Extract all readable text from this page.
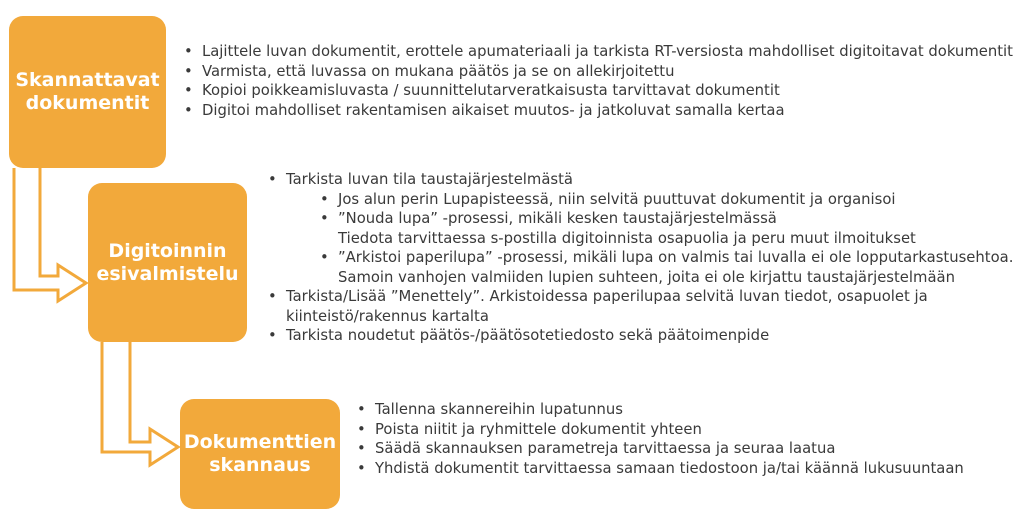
Skannattavat
dokumentit
• Lajittele luvan dokumentit, erottele apumateriaali ja tarkista RT-versiosta mahdolliset digitoitavat dokumentit
• Varmista, että luvassa on mukana päätös ja se on allekirjoitettu
• Kopioi poikkeamisluvasta / suunnittelutarveratkaisusta tarvittavat dokumentit
• Digitoi mahdolliset rakentamisen aikaiset muutos- ja jatkoluvat samalla kertaa
Digitoinnin
esivalmistelu
• Tarkista luvan tila taustajärjestelmästä
• Jos alun perin Lupapisteessä, niin selvitä puuttuvat dokumentit ja organisoi
• ”Nouda lupa” -prosessi, mikäli kesken taustajärjestelmässä
Tiedota tarvittaessa s-postilla digitoinnista osapuolia ja peru muut ilmoitukset
• ”Arkistoi paperilupa” -prosessi, mikäli lupa on valmis tai luvalla ei ole lopputarkastusehtoa. Samoin vanhojen valmiiden lupien suhteen, joita ei ole kirjattu taustajärjestelmään
• Tarkista/Lisää ”Menettely”. Arkistoidessa paperilupaa selvitä luvan tiedot, osapuolet ja kiinteistö/rakennus kartalta
• Tarkista noudetut päätös-/päätösotetiedosto sekä päätoimenpide
Dokumenttien
skannaus
• Tallenna skannereihin lupatunnus
• Poista niitit ja ryhmittele dokumentit yhteen
• Säädä skannauksen parametreja tarvittaessa ja seuraa laatua
• Yhdistä dokumentit tarvittaessa samaan tiedostoon ja/tai käännä lukusuuntaan
